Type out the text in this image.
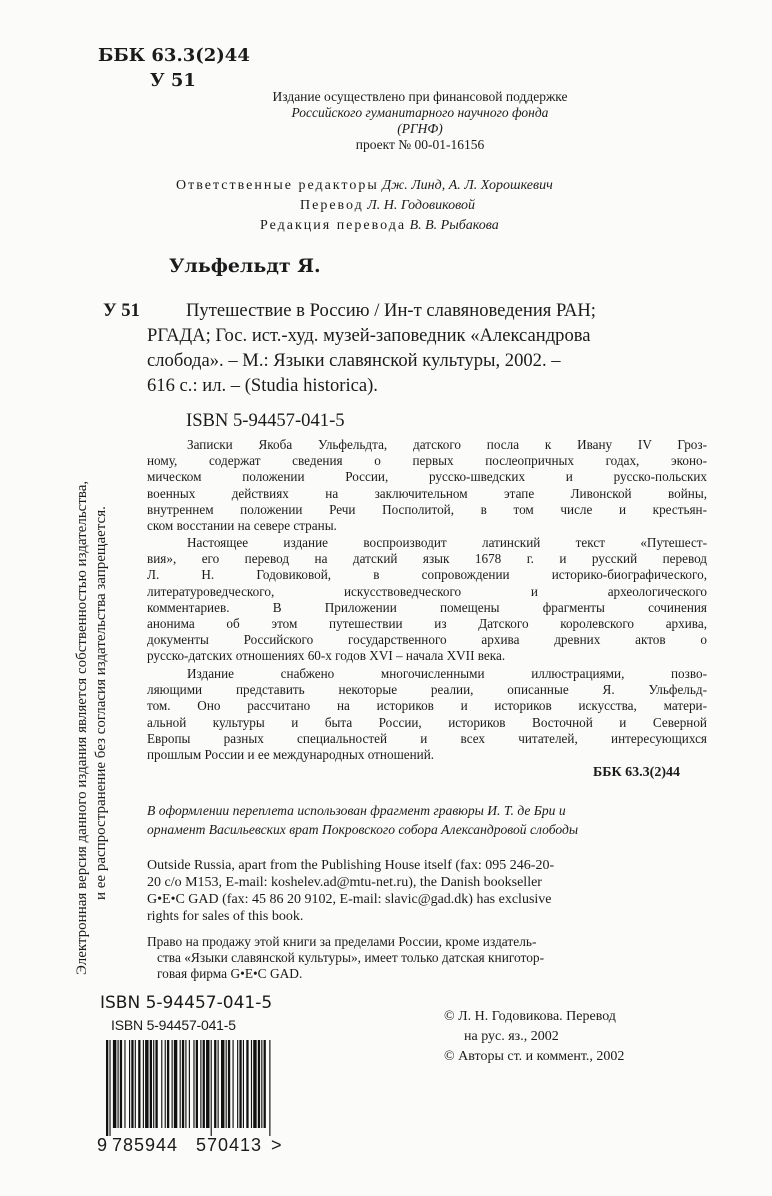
ББК 63.3(2)44
У 51
Издание осуществлено при финансовой поддержке
Российского гуманитарного научного фонда
(РГНФ)
проект № 00-01-16156
Ответственные редакторы Дж. Линд, А. Л. Хорошкевич
Перевод Л. Н. Годовиковой
Редакция перевода В. В. Рыбакова
Ульфельдт Я.
У 51 Путешествие в Россию / Ин-т славяноведения РАН;
РГАДА; Гос. ист.-худ. музей-заповедник «Александрова
слобода». – М.: Языки славянской культуры, 2002. –
616 с.: ил. – (Studia historica).
ISBN 5-94457-041-5
Записки Якоба Ульфельдта, датского посла к Ивану IV Гроз-
ному, содержат сведения о первых послеопричных годах, эконо-
мическом положении России, русско-шведских и русско-польских
военных действиях на заключительном этапе Ливонской войны,
внутреннем положении Речи Посполитой, в том числе и крестьян-
ском восстании на севере страны.
Настоящее издание воспроизводит латинский текст «Путешест-
вия», его перевод на датский язык 1678 г. и русский перевод
Л. Н. Годовиковой, в сопровождении историко-биографического,
литературоведческого, искусствоведческого и археологического
комментариев. В Приложении помещены фрагменты сочинения
анонима об этом путешествии из Датского королевского архива,
документы Российского государственного архива древних актов о
русско-датских отношениях 60-х годов XVI – начала XVII века.
Издание снабжено многочисленными иллюстрациями, позво-
ляющими представить некоторые реалии, описанные Я. Ульфельд-
том. Оно рассчитано на историков и историков искусства, матери-
альной культуры и быта России, историков Восточной и Северной
Европы разных специальностей и всех читателей, интересующихся
прошлым России и ее международных отношений.
ББК 63.3(2)44
В оформлении переплета использован фрагмент гравюры И. Т. де Бри и
орнамент Васильевских врат Покровского собора Александровой слободы
Outside Russia, apart from the Publishing House itself (fax: 095 246-20-
20 c/o M153, E-mail: koshelev.ad@mtu-net.ru), the Danish bookseller
G•E•C GAD (fax: 45 86 20 9102, E-mail: slavic@gad.dk) has exclusive
rights for sales of this book.
Право на продажу этой книги за пределами России, кроме издатель-
ства «Языки славянской культуры», имеет только датская книготор-
говая фирма G•E•C GAD.
ISBN 5-94457-041-5
ISBN 5-94457-041-5
9 785944 570413 >
© Л. Н. Годовикова. Перевод
на рус. яз., 2002
© Авторы ст. и коммент., 2002
Электронная версия данного издания является собственностью издательства, и ее распространение без согласия издательства запрещается.
